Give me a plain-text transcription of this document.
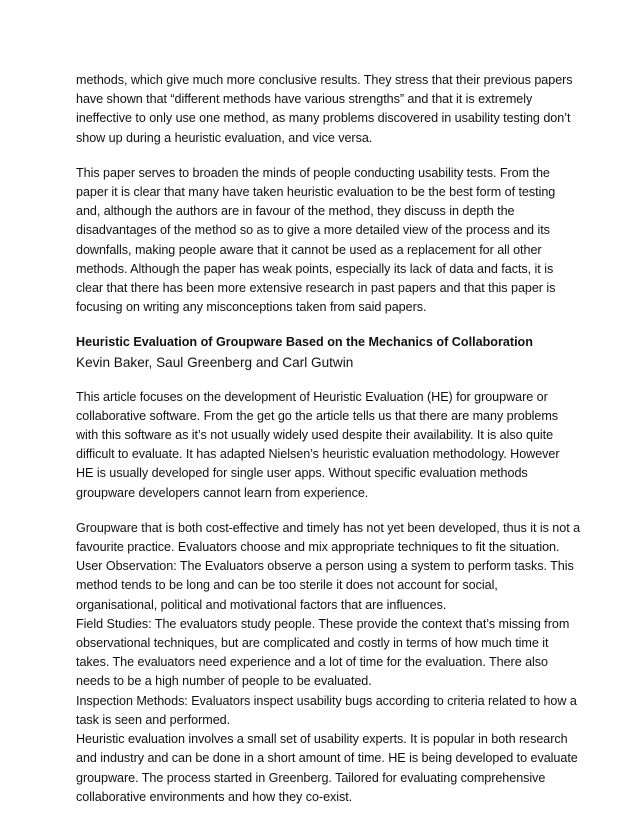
methods, which give much more conclusive results. They stress that their previous papers
have shown that “different methods have various strengths” and that it is extremely
ineffective to only use one method, as many problems discovered in usability testing don’t
show up during a heuristic evaluation, and vice versa.
This paper serves to broaden the minds of people conducting usability tests. From the
paper it is clear that many have taken heuristic evaluation to be the best form of testing
and, although the authors are in favour of the method, they discuss in depth the
disadvantages of the method so as to give a more detailed view of the process and its
downfalls, making people aware that it cannot be used as a replacement for all other
methods. Although the paper has weak points, especially its lack of data and facts, it is
clear that there has been more extensive research in past papers and that this paper is
focusing on writing any misconceptions taken from said papers.
Heuristic Evaluation of Groupware Based on the Mechanics of Collaboration
Kevin Baker, Saul Greenberg and Carl Gutwin
This article focuses on the development of Heuristic Evaluation (HE) for groupware or
collaborative software. From the get go the article tells us that there are many problems
with this software as it’s not usually widely used despite their availability. It is also quite
difficult to evaluate. It has adapted Nielsen’s heuristic evaluation methodology. However
HE is usually developed for single user apps. Without specific evaluation methods
groupware developers cannot learn from experience.
Groupware that is both cost-effective and timely has not yet been developed, thus it is not a
favourite practice. Evaluators choose and mix appropriate techniques to fit the situation.
User Observation: The Evaluators observe a person using a system to perform tasks. This
method tends to be long and can be too sterile it does not account for social,
organisational, political and motivational factors that are influences.
Field Studies: The evaluators study people. These provide the context that’s missing from
observational techniques, but are complicated and costly in terms of how much time it
takes. The evaluators need experience and a lot of time for the evaluation. There also
needs to be a high number of people to be evaluated.
Inspection Methods: Evaluators inspect usability bugs according to criteria related to how a
task is seen and performed.
Heuristic evaluation involves a small set of usability experts. It is popular in both research
and industry and can be done in a short amount of time. HE is being developed to evaluate
groupware. The process started in Greenberg. Tailored for evaluating comprehensive
collaborative environments and how they co-exist.
